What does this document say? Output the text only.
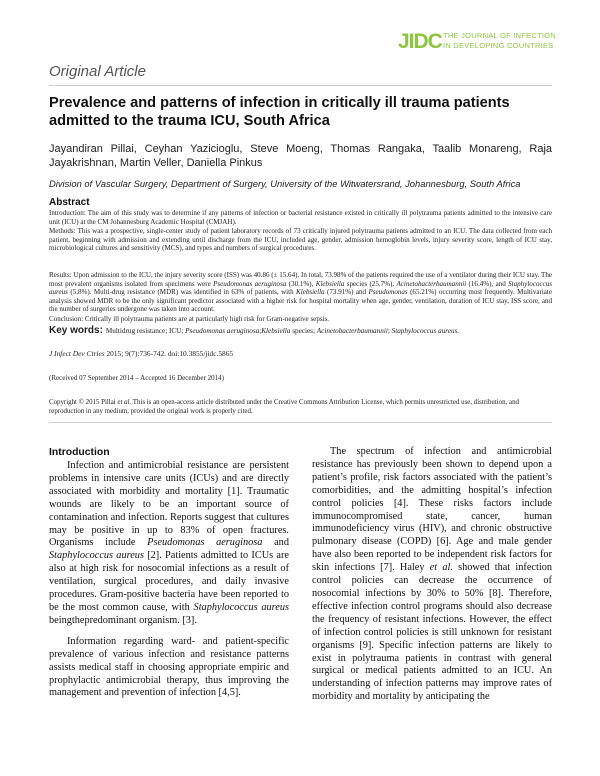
JIDC THE JOURNAL OF INFECTION
IN DEVELOPING COUNTRIES
Original Article
Prevalence and patterns of infection in critically ill trauma patients admitted to the trauma ICU, South Africa
Jayandiran Pillai, Ceyhan Yazicioglu, Steve Moeng, Thomas Rangaka, Taalib Monareng, Raja Jayakrishnan, Martin Veller, Daniella Pinkus
Division of Vascular Surgery, Department of Surgery, University of the Witwatersrand, Johannesburg, South Africa
Abstract
Introduction: The aim of this study was to determine if any patterns of infection or bacterial resistance existed in critically ill polytrauma patients admitted to the intensive care unit (ICU) at the CM Johannesburg Academic Hospital (CMJAH).
Methods: This was a prospective, single-center study of patient laboratory records of 73 critically injured polytrauma patients admitted to an ICU. The data collected from each patient, beginning with admission and extending until discharge from the ICU, included age, gender, admission hemoglobin levels, injury severity score, length of ICU stay, microbiological cultures and sensitivity (MCS), and types and numbers of surgical procedures.
Results: Upon admission to the ICU, the injury severity score (ISS) was 40.86 (± 15.64). In total, 73.98% of the patients required the use of a ventilator during their ICU stay. The most prevalent organisms isolated from specimens were Pseudomonas aeruginosa (30.1%), Klebsiella species (25.7%), Acinetobacterbaumannii (16.4%), and Staphylococcus aureus (5.8%). Multi-drug resistance (MDR) was identified in 63% of patients, with Klebsiella (73.91%) and Pseudomonas (65.21%) occurring most frequently. Multivariate analysis showed MDR to be the only significant predictor associated with a higher risk for hospital mortality when age, gender, ventilation, duration of ICU stay, ISS score, and the number of surgeries undergone was taken into account.
Conclusion: Critically ill polytrauma patients are at particularly high risk for Gram-negative sepsis.
Key words: Multidrug resistance; ICU; Pseudomonas aeruginosa;Klebsiella species; Acinetobacterbaumannii; Staphylococcus aureus.
J Infect Dev Ctries 2015; 9(7):736-742. doi:10.3855/jidc.5865
(Received 07 September 2014 – Accepted 16 December 2014)
Copyright © 2015 Pillai et al. This is an open-access article distributed under the Creative Commons Attribution License, which permits unrestricted use, distribution, and reproduction in any medium, provided the original work is properly cited.

Introduction

Infection and antimicrobial resistance are persistent problems in intensive care units (ICUs) and are directly associated with morbidity and mortality [1]. Traumatic wounds are likely to be an important source of contamination and infection. Reports suggest that cultures may be positive in up to 83% of open fractures. Organisms include Pseudomonas aeruginosa and Staphylococcus aureus [2]. Patients admitted to ICUs are also at high risk for nosocomial infections as a result of ventilation, surgical procedures, and daily invasive procedures. Gram-positive bacteria have been reported to be the most common cause, with Staphylococcus aureus beingthepredominant organism. [3].

Information regarding ward- and patient-specific prevalence of various infection and resistance patterns assists medical staff in choosing appropriate empiric and prophylactic antimicrobial therapy, thus improving the management and prevention of infection [4,5].

The spectrum of infection and antimicrobial resistance has previously been shown to depend upon a patient’s profile, risk factors associated with the patient’s comorbidities, and the admitting hospital’s infection control policies [4]. These risks factors include immunocompromised state, cancer, human immunodeficiency virus (HIV), and chronic obstructive pulmonary disease (COPD) [6]. Age and male gender have also been reported to be independent risk factors for skin infections [7]. Haley et al. showed that infection control policies can decrease the occurrence of nosocomial infections by 30% to 50% [8]. Therefore, effective infection control programs should also decrease the frequency of resistant infections. However, the effect of infection control policies is still unknown for resistant organisms [9]. Specific infection patterns are likely to exist in polytrauma patients in contrast with general surgical or medical patients admitted to an ICU. An understanding of infection patterns may improve rates of morbidity and mortality by anticipating the
